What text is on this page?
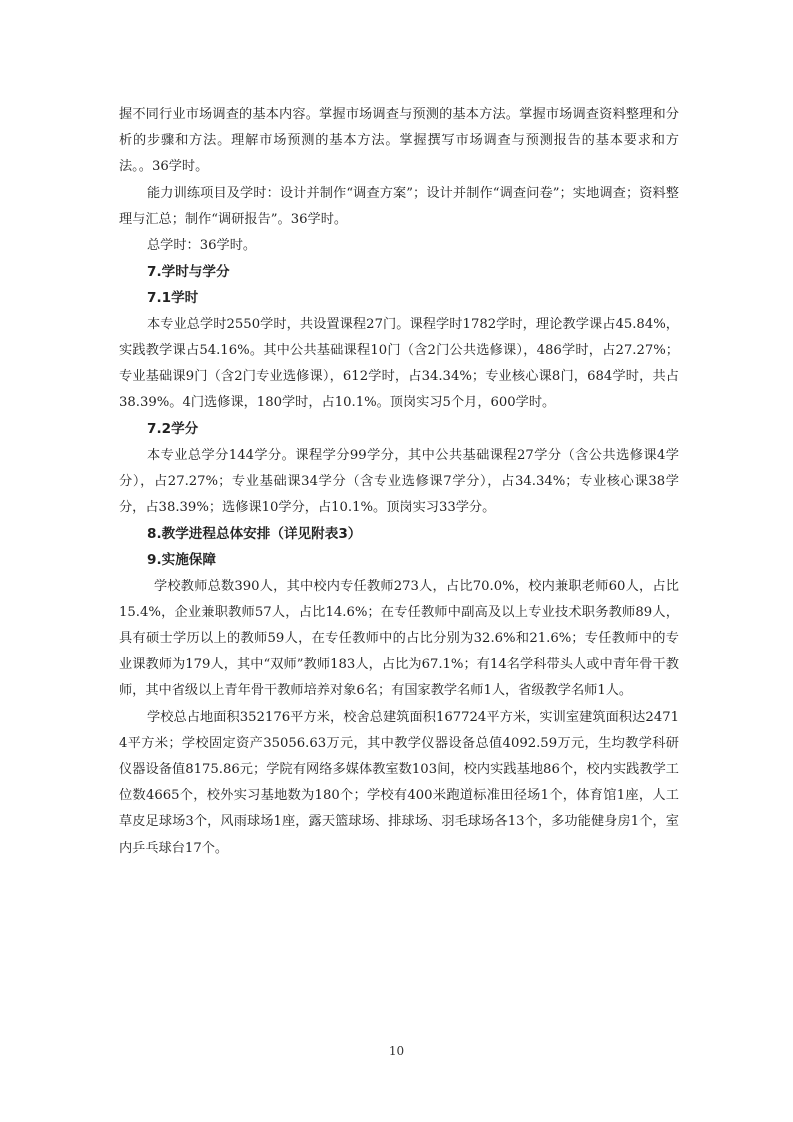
握不同行业市场调查的基本内容。掌握市场调查与预测的基本方法。掌握市场调查资料整理和分析的步骤和方法。理解市场预测的基本方法。掌握撰写市场调查与预测报告的基本要求和方法。。36学时。

能力训练项目及学时：设计并制作“调查方案”；设计并制作“调查问卷”；实地调查；资料整理与汇总；制作“调研报告”。36学时。

总学时：36学时。

7.学时与学分

7.1学时

本专业总学时2550学时，共设置课程27门。课程学时1782学时，理论教学课占45.84%，实践教学课占54.16%。其中公共基础课程10门（含2门公共选修课），486学时，占27.27%；专业基础课9门（含2门专业选修课），612学时，占34.34%；专业核心课8门，684学时，共占38.39%。4门选修课，180学时，占10.1%。顶岗实习5个月，600学时。

7.2学分

本专业总学分144学分。课程学分99学分，其中公共基础课程27学分（含公共选修课4学分），占27.27%；专业基础课34学分（含专业选修课7学分），占34.34%；专业核心课38学分，占38.39%；选修课10学分，占10.1%。顶岗实习33学分。

8.教学进程总体安排（详见附表3）

9.实施保障

学校教师总数390人，其中校内专任教师273人，占比70.0%，校内兼职老师60人，占比15.4%，企业兼职教师57人，占比14.6%；在专任教师中副高及以上专业技术职务教师89人，具有硕士学历以上的教师59人，在专任教师中的占比分别为32.6%和21.6%；专任教师中的专业课教师为179人，其中“双师”教师183人，占比为67.1%；有14名学科带头人或中青年骨干教师，其中省级以上青年骨干教师培养对象6名；有国家教学名师1人，省级教学名师1人。

学校总占地面积352176平方米，校舍总建筑面积167724平方米，实训室建筑面积达24714平方米；学校固定资产35056.63万元，其中教学仪器设备总值4092.59万元，生均教学科研仪器设备值8175.86元；学院有网络多媒体教室数103间，校内实践基地86个，校内实践教学工位数4665个，校外实习基地数为180个；学校有400米跑道标准田径场1个，体育馆1座，人工草皮足球场3个，风雨球场1座，露天篮球场、排球场、羽毛球场各13个，多功能健身房1个，室内乒乓球台17个。

10
